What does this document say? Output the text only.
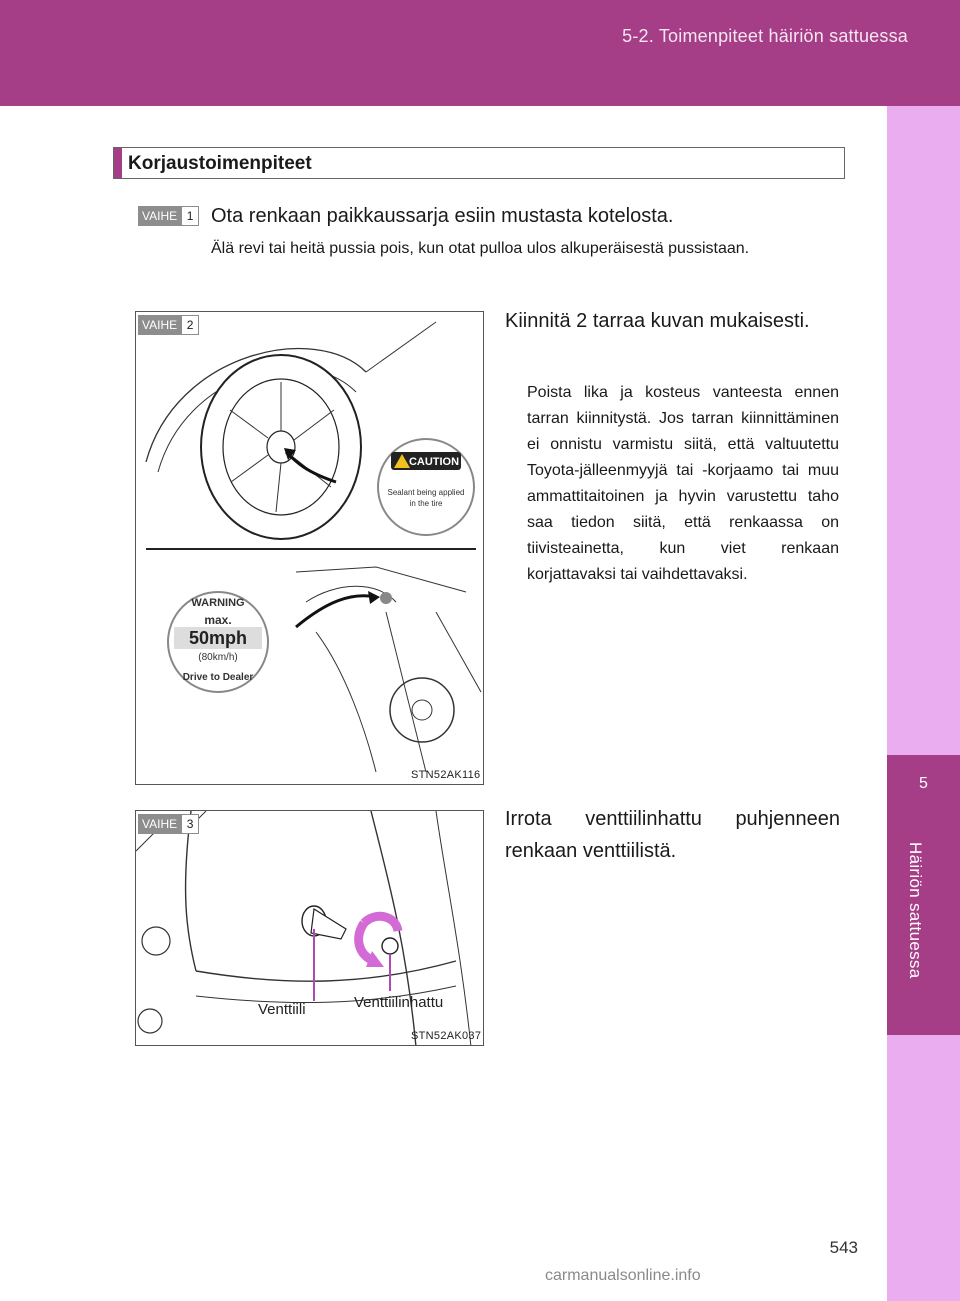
5-2. Toimenpiteet häiriön sattuessa
5
Häiriön sattuessa
Korjaustoimenpiteet
VAIHE 1 Ota renkaan paikkaussarja esiin mustasta kotelosta.
Älä revi tai heitä pussia pois, kun otat pulloa ulos alkuperäisestä pussistaan.
CAUTION
Sealant being applied
in the tire
WARNING
max.
50mph
(80km/h)
Drive to Dealer
STN52AK116
VAIHE 2	Kiinnitä 2 tarraa kuvan mukaisesti.
Poista lika ja kosteus vanteesta ennen tarran kiinnitystä. Jos tarran kiinnittäminen ei onnistu varmistu siitä, että valtuutettu Toyota-jälleenmyyjä tai -korjaamo tai muu ammattitaitoinen ja hyvin varustettu taho saa tiedon siitä, että renkaassa on tiivisteainetta, kun viet renkaan korjattavaksi tai vaihdettavaksi.
Venttiili	Venttiilinhattu
STN52AK037
VAIHE 3	Irrota venttiilinhattu puhjenneen renkaan venttiilistä.
543
carmanualsonline.info
